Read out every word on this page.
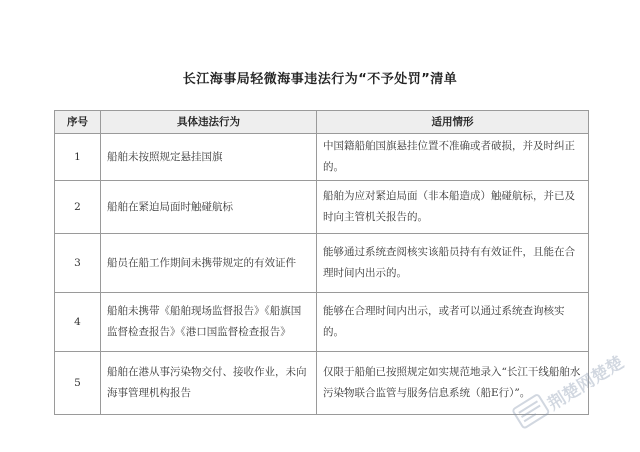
长江海事局轻微海事违法行为“不予处罚”清单
序号	具体违法行为	适用情形
1	船舶未按照规定悬挂国旗	中国籍船舶国旗悬挂位置不准确或者破损，并及时纠正的。
2	船舶在紧迫局面时触碰航标	船舶为应对紧迫局面（非本船造成）触碰航标，并已及时向主管机关报告的。
3	船员在船工作期间未携带规定的有效证件	能够通过系统查阅核实该船员持有有效证件，且能在合理时间内出示的。
4	船舶未携带《船舶现场监督报告》《船旗国监督检查报告》《港口国监督检查报告》	能够在合理时间内出示，或者可以通过系统查询核实的。
5	船舶在港从事污染物交付、接收作业，未向海事管理机构报告	仅限于船舶已按照规定如实规范地录入“长江干线船舶水污染物联合监管与服务信息系统（船E行）”。 荆楚网楚楚
